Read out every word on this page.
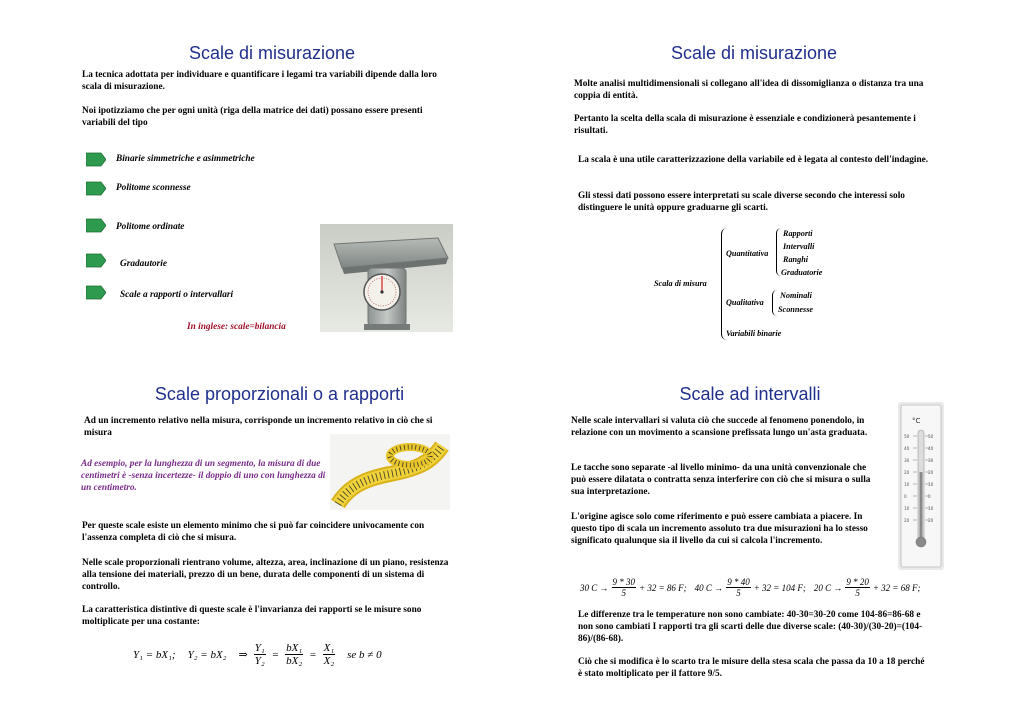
Scale di misurazione

La tecnica adottata per individuare e quantificare i legami tra variabili dipende dalla loro scala di misurazione.

Noi ipotizziamo che per ogni unità (riga della matrice dei dati) possano essere presenti variabili del tipo

Binarie simmetriche e asimmetriche
Politome sconnesse
Politome ordinate
Gradautorie
Scale a rapporti o intervallari
In inglese: scale=bilancia
Scale di misurazione

Molte analisi multidimensionali si collegano all'idea di dissomiglianza o distanza tra una coppia di entità.

Pertanto la scelta della scala di misurazione è essenziale e condizionerà pesantemente i risultati.

La scala è una utile caratterizzazione della variabile ed è legata al contesto dell'indagine.

Gli stessi dati possono essere interpretati su scale diverse secondo che interessi solo distinguere le unità oppure graduarne gli scarti.

Scala di misura
Quantitativa
Rapporti
Intervalli
Ranghi
Graduatorie
Qualitativa
Nominali
Sconnesse
Variabili binarie
Scale proporzionali o a rapporti

Ad un incremento relativo nella misura, corrisponde un incremento relativo in ciò che si misura

Ad esempio, per la lunghezza di un segmento, la misura di due centimetri è -senza incertezze- il doppio di uno con lunghezza di un centimetro.

Per queste scale esiste un elemento minimo che si può far coincidere univocamente con l'assenza completa di ciò che si misura.

Nelle scale proporzionali rientrano volume, altezza, area, inclinazione di un piano, resistenza alla tensione dei materiali, prezzo di un bene, durata delle componenti di un sistema di controllo.

La caratteristica distintive di queste scale è l'invarianza dei rapporti se le misure sono moltiplicate per una costante:

Y₁ = bX₁; Y₂ = bX₂ ⇒ $\frac{\text{Y₁}}{\text{Y₂}} = \frac{\text{bX₁}}{\text{bX₂}} = \frac{\text{X₁}}{\text{X₂}}$ se b ≠ 0
Scale ad intervalli

Nelle scale intervallari si valuta ciò che succede al fenomeno ponendolo, in relazione con un movimento a scansione prefissata lungo un'asta graduata.

Le tacche sono separate -al livello minimo- da una unità convenzionale che può essere dilatata o contratta senza interferire con ciò che si misura o sulla sua interpretazione.

L'origine agisce solo come riferimento e può essere cambiata a piacere. In questo tipo di scala un incremento assoluto tra due misurazioni ha lo stesso significato qualunque sia il livello da cui si calcola l'incremento.

°C
50
40
30
20
10
0
10
20
50
40
30
20
10
0
10
20
30 $C \to \frac{9 * 30}{5} + 32 = 86$ F; 40 $C \to \frac{9 * 40}{5} + 32 = 104$ F; 20 $C \to \frac{9 * 20}{5} + 32 = 68$ F;

Le differenze tra le temperature non sono cambiate: 40-30=30-20 come 104-86=86-68 e non sono cambiati I rapporti tra gli scarti delle due diverse scale: (40-30)/(30-20)=(104-86)/(86-68).

Ciò che si modifica è lo scarto tra le misure della stesa scala che passa da 10 a 18 perché è stato moltiplicato per il fattore 9/5.
